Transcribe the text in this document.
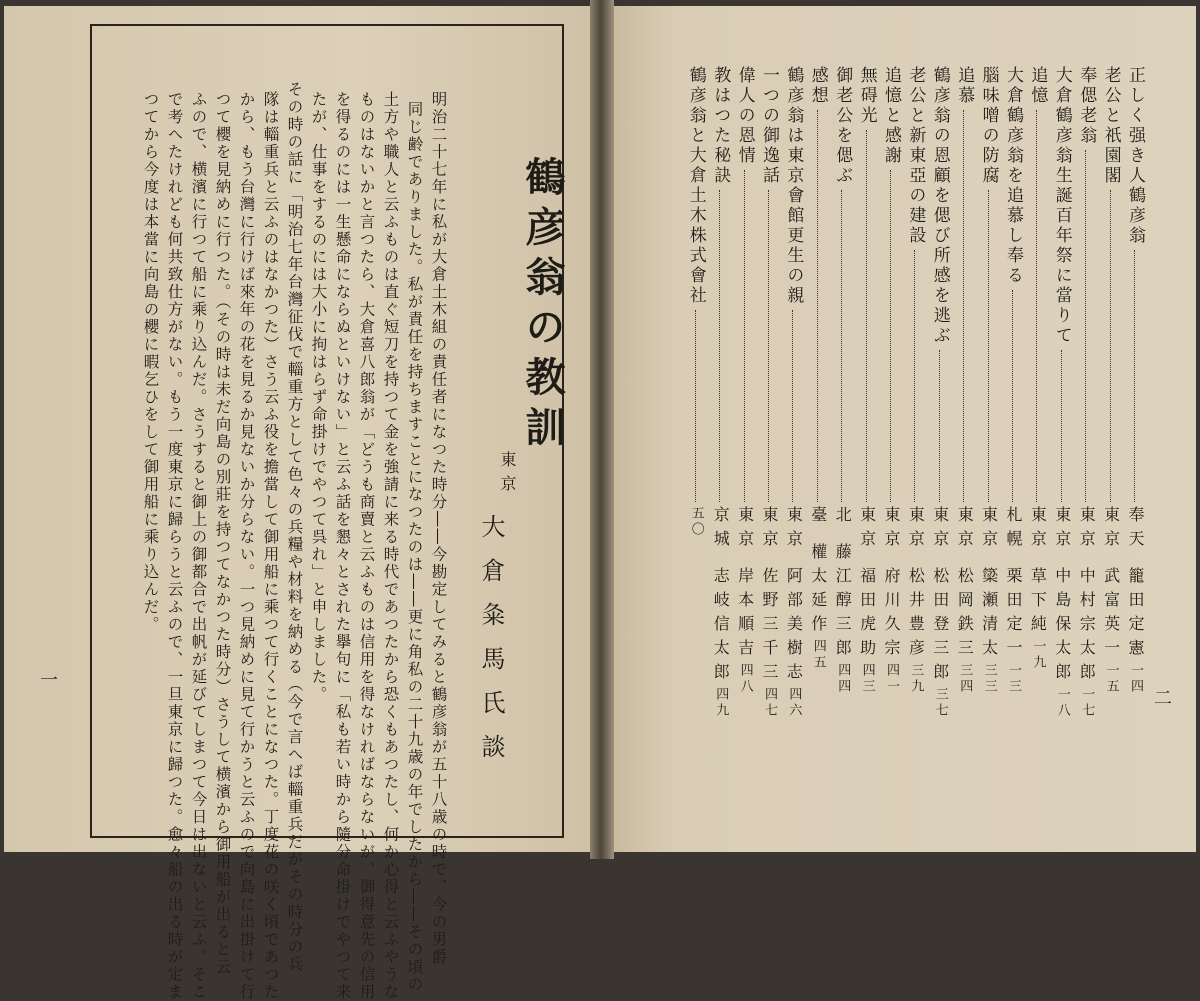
鶴彦翁の教訓
東京
大倉粂馬氏談
明治二十七年に私が大倉土木組の責任者になつた時分――今勘定してみると鶴彦翁が五十八歳の時で、今の男爵
同じ齢でありました。私が責任を持ちますことになつたのは――更に角私の二十九歳の年でしたから――その頃の
土方や職人と云ふものは直ぐ短刀を持つて金を強請に来る時代であつたから恐くもあつたし、何か心得と云ふやうな
ものはないかと言つたら、大倉喜八郎翁が「どうも商賣と云ふものは信用を得なければならないが、御得意先の信用
を得るのには一生懸命にならぬといけない」と云ふ話を懇々とされた擧句に「私も若い時から隨分命掛けでやつて来
たが、仕事をするのには大小に拘はらず命掛けでやつて呉れ」と申しました。
その時の話に「明治七年台灣征伐で輜重方として色々の兵糧や材料を納める（今で言へば輜重兵だがその時分の兵
隊は輜重兵と云ふのはなかつた）さう云ふ役を擔當して御用船に乘つて行くことになつた。丁度花の咲く頃であつた
から、もう台灣に行けば來年の花を見るか見ないか分らない。一つ見納めに見て行かうと云ふので向島に出掛けて行
つて櫻を見納めに行つた。（その時は未だ向島の別莊を持つてなかつた時分）さうして横濱から御用船が出ると云
ふので、横濱に行つて船に乘り込んだ。さうすると御上の御都合で出帆が延びてしまつて今日は出ないと云ふ。そこ
で考へたけれども何共致仕方がない。もう一度東京に歸らうと云ふので、一旦東京に歸つた。愈々船の出る時が定ま
つてから今度は本當に向島の櫻に暇乞ひをして御用船に乘り込んだ。
一
正しく强き人鶴彦翁
奉天 籠田定憲一四
老公と祇園閣
東京 武富英一一五
奉偲老翁
東京 中村宗太郎一七
大倉鶴彦翁生誕百年祭に當りて
東京 中島保太郎一八
追憶
東京 草下純一九
大倉鶴彦翁を追慕し奉る
札幌 栗田定一一三
腦味噌の防腐
東京 簗瀬清太三三
追慕
東京 松岡鉄三三四
鶴彦翁の恩顧を偲び所感を逃ぶ
東京 松田登三郎三七
老公と新東亞の建設
東京 松井豊彦三九
追憶と感謝
東京 府川久宗四一
無碍光
東京 福田虎助四三
御老公を偲ぶ
北 藤江醇三郎四四
感想
臺 權太延作四五
鶴彦翁は東京會館更生の親
東京 阿部美樹志四六
一つの御逸話
東京 佐野三千三四七
偉人の恩情
東京 岸本順吉四八
教はつた秘訣
京城 志岐信太郎四九
鶴彦翁と大倉土木株式會社
五〇
二
